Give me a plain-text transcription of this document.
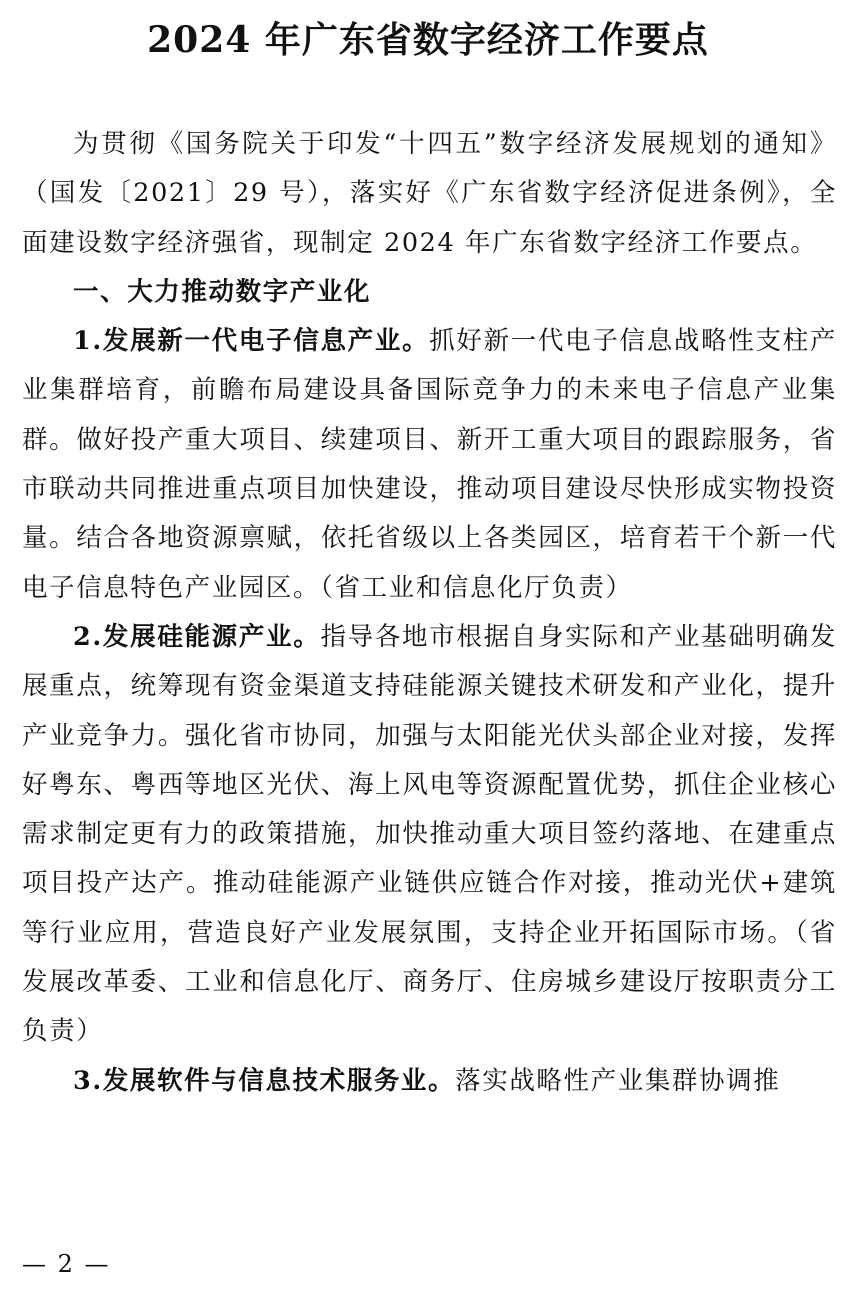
2024 年广东省数字经济工作要点

为贯彻《国务院关于印发“十四五”数字经济发展规划的通知》（国发〔2021〕29 号），落实好《广东省数字经济促进条例》，全面建设数字经济强省，现制定 2024 年广东省数字经济工作要点。

一、大力推动数字产业化

1.发展新一代电子信息产业。抓好新一代电子信息战略性支柱产业集群培育，前瞻布局建设具备国际竞争力的未来电子信息产业集群。做好投产重大项目、续建项目、新开工重大项目的跟踪服务，省市联动共同推进重点项目加快建设，推动项目建设尽快形成实物投资量。结合各地资源禀赋，依托省级以上各类园区，培育若干个新一代电子信息特色产业园区。（省工业和信息化厅负责）

2.发展硅能源产业。指导各地市根据自身实际和产业基础明确发展重点，统筹现有资金渠道支持硅能源关键技术研发和产业化，提升产业竞争力。强化省市协同，加强与太阳能光伏头部企业对接，发挥好粤东、粤西等地区光伏、海上风电等资源配置优势，抓住企业核心需求制定更有力的政策措施，加快推动重大项目签约落地、在建重点项目投产达产。推动硅能源产业链供应链合作对接，推动光伏+建筑等行业应用，营造良好产业发展氛围，支持企业开拓国际市场。（省发展改革委、工业和信息化厅、商务厅、住房城乡建设厅按职责分工负责）

3.发展软件与信息技术服务业。落实战略性产业集群协调推

— 2 —
